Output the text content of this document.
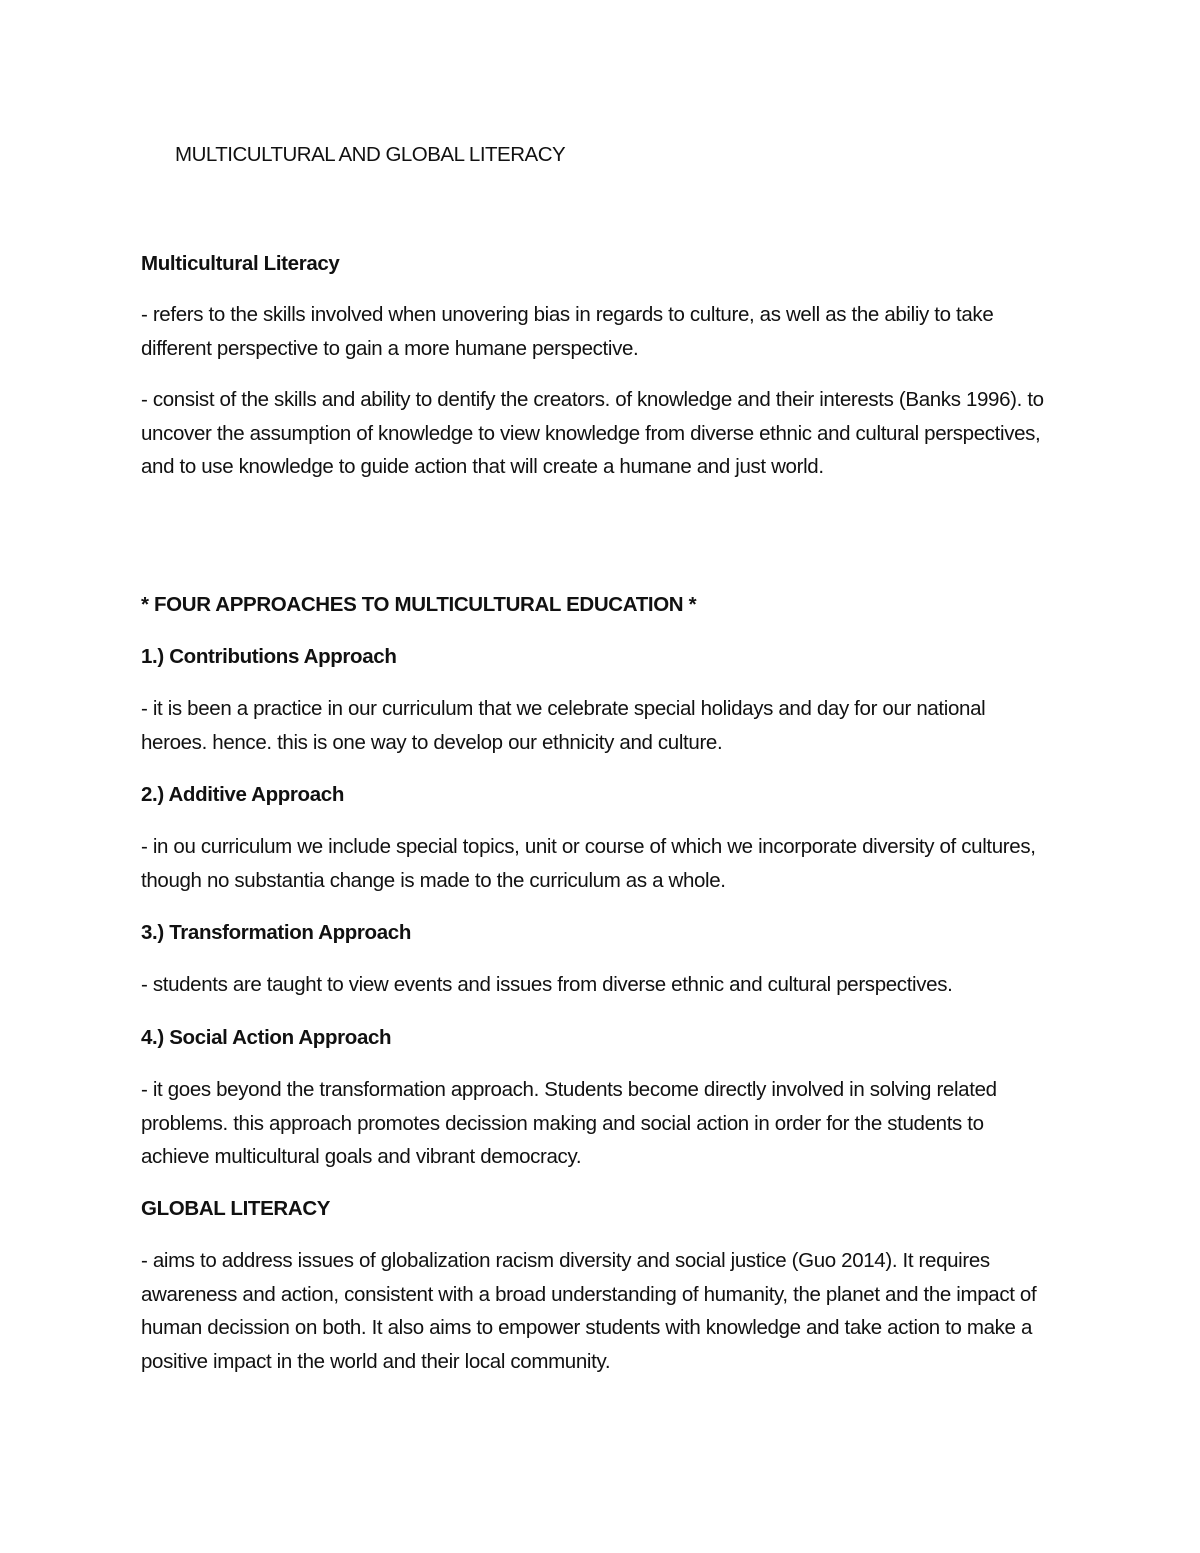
MULTICULTURAL AND GLOBAL LITERACY

Multicultural Literacy

- refers to the skills involved when unovering bias in regards to culture, as well as the abiliy to take different perspective to gain a more humane perspective.

- consist of the skills and ability to dentify the creators. of knowledge and their interests (Banks 1996). to uncover the assumption of knowledge to view knowledge from diverse ethnic and cultural perspectives, and to use knowledge to guide action that will create a humane and just world.

* FOUR APPROACHES TO MULTICULTURAL EDUCATION *

1.) Contributions Approach

- it is been a practice in our curriculum that we celebrate special holidays and day for our national heroes. hence. this is one way to develop our ethnicity and culture.

2.) Additive Approach

- in ou curriculum we include special topics, unit or course of which we incorporate diversity of cultures, though no substantia change is made to the curriculum as a whole.

3.) Transformation Approach

- students are taught to view events and issues from diverse ethnic and cultural perspectives.

4.) Social Action Approach

- it goes beyond the transformation approach. Students become directly involved in solving related problems. this approach promotes decission making and social action in order for the students to achieve multicultural goals and vibrant democracy.

GLOBAL LITERACY

- aims to address issues of globalization racism diversity and social justice (Guo 2014). It requires awareness and action, consistent with a broad understanding of humanity, the planet and the impact of human decission on both. It also aims to empower students with knowledge and take action to make a positive impact in the world and their local community.
